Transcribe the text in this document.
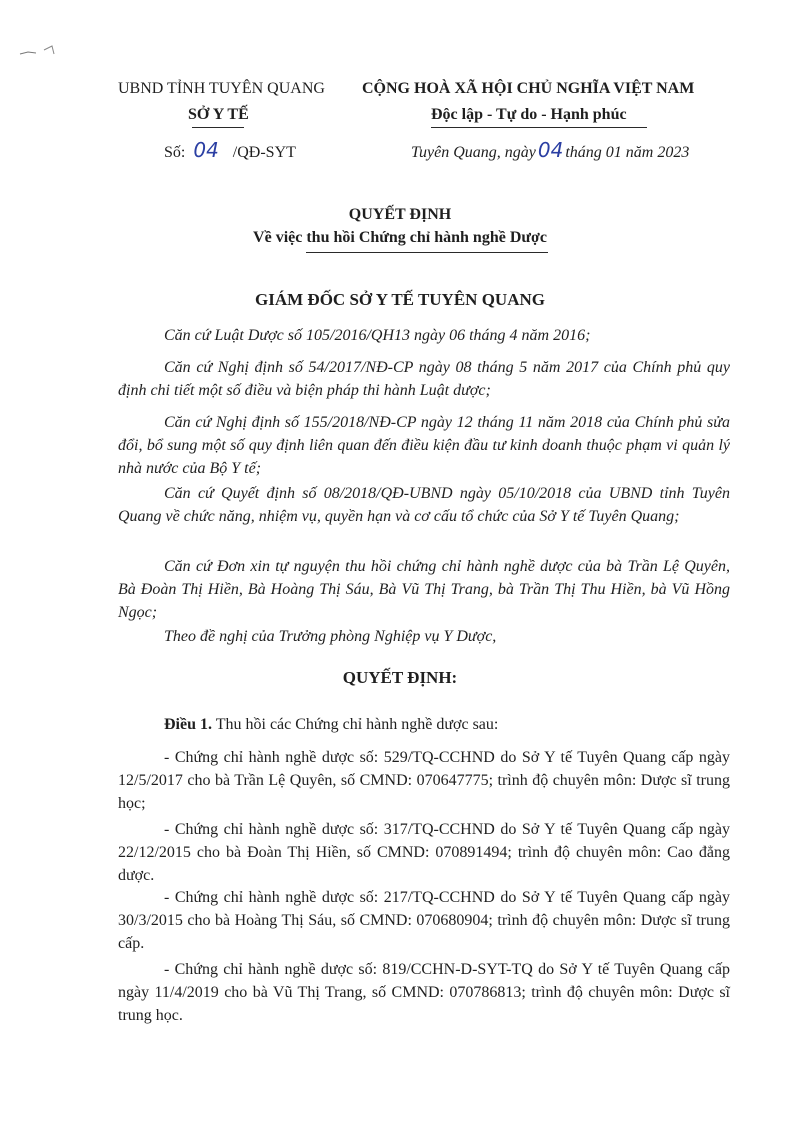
UBND TỈNH TUYÊN QUANG
SỞ Y TẾ
Số: 04 /QĐ-SYT
CỘNG HOÀ XÃ HỘI CHỦ NGHĨA VIỆT NAM
Độc lập - Tự do - Hạnh phúc
Tuyên Quang, ngày 04 tháng 01 năm 2023
QUYẾT ĐỊNH
Về việc thu hồi Chứng chỉ hành nghề Dược
GIÁM ĐỐC SỞ Y TẾ TUYÊN QUANG

Căn cứ Luật Dược số 105/2016/QH13 ngày 06 tháng 4 năm 2016;

Căn cứ Nghị định số 54/2017/NĐ-CP ngày 08 tháng 5 năm 2017 của Chính phủ quy định chi tiết một số điều và biện pháp thi hành Luật dược;

Căn cứ Nghị định số 155/2018/NĐ-CP ngày 12 tháng 11 năm 2018 của Chính phủ sửa đổi, bổ sung một số quy định liên quan đến điều kiện đầu tư kinh doanh thuộc phạm vi quản lý nhà nước của Bộ Y tế;

Căn cứ Quyết định số 08/2018/QĐ-UBND ngày 05/10/2018 của UBND tỉnh Tuyên Quang về chức năng, nhiệm vụ, quyền hạn và cơ cấu tổ chức của Sở Y tế Tuyên Quang;

Căn cứ Đơn xin tự nguyện thu hồi chứng chỉ hành nghề dược của bà Trần Lệ Quyên, Bà Đoàn Thị Hiền, Bà Hoàng Thị Sáu, Bà Vũ Thị Trang, bà Trần Thị Thu Hiền, bà Vũ Hồng Ngọc;

Theo đề nghị của Trưởng phòng Nghiệp vụ Y Dược,

QUYẾT ĐỊNH:
Điều 1. Thu hồi các Chứng chỉ hành nghề dược sau:

- Chứng chỉ hành nghề dược số: 529/TQ-CCHND do Sở Y tế Tuyên Quang cấp ngày 12/5/2017 cho bà Trần Lệ Quyên, số CMND: 070647775; trình độ chuyên môn: Dược sĩ trung học;

- Chứng chỉ hành nghề dược số: 317/TQ-CCHND do Sở Y tế Tuyên Quang cấp ngày 22/12/2015 cho bà Đoàn Thị Hiền, số CMND: 070891494; trình độ chuyên môn: Cao đẳng dược.

- Chứng chỉ hành nghề dược số: 217/TQ-CCHND do Sở Y tế Tuyên Quang cấp ngày 30/3/2015 cho bà Hoàng Thị Sáu, số CMND: 070680904; trình độ chuyên môn: Dược sĩ trung cấp.

- Chứng chỉ hành nghề dược số: 819/CCHN-D-SYT-TQ do Sở Y tế Tuyên Quang cấp ngày 11/4/2019 cho bà Vũ Thị Trang, số CMND: 070786813; trình độ chuyên môn: Dược sĩ trung học.
